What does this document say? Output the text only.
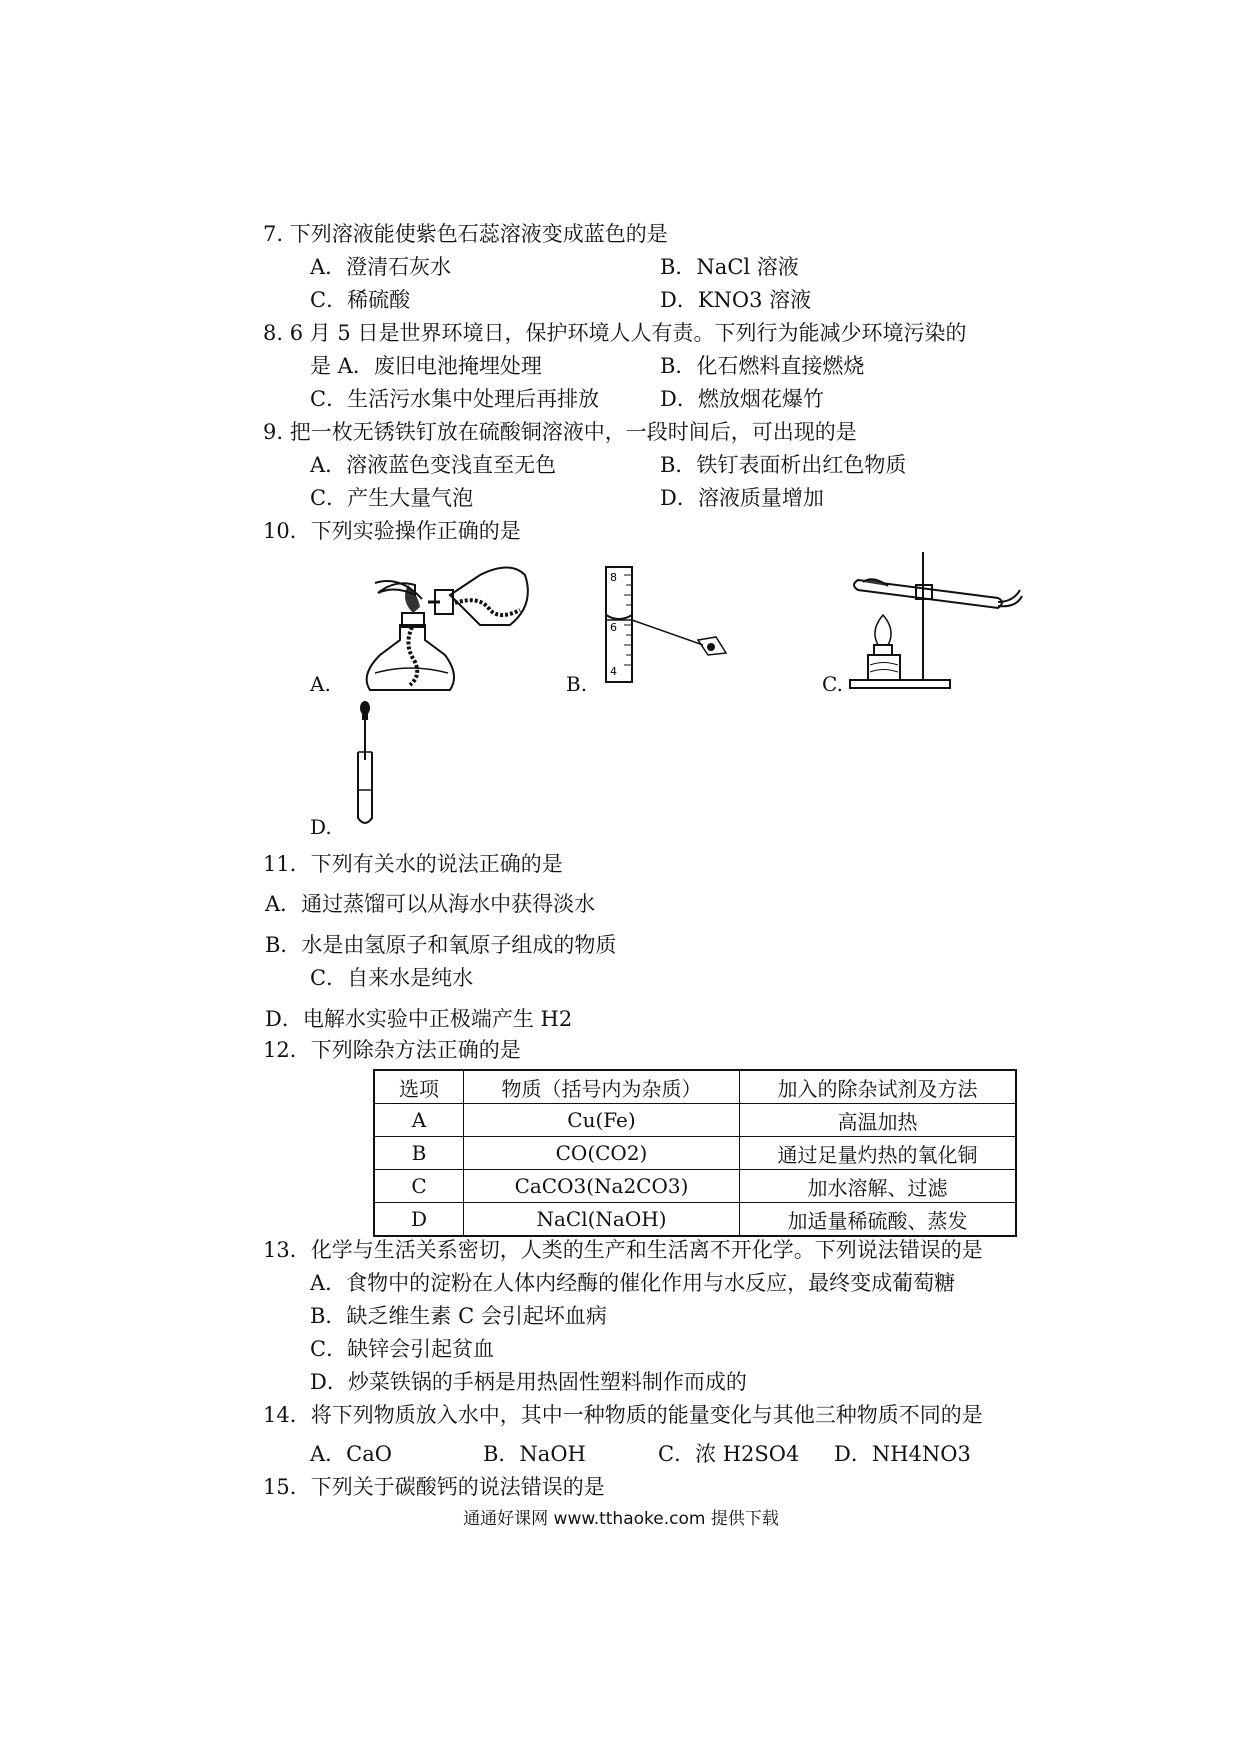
7. 下列溶液能使紫色石蕊溶液变成蓝色的是
A．澄清石灰水	B．NaCl 溶液
C．稀硫酸	D．KNO3 溶液
8. 6 月 5 日是世界环境日，保护环境人人有责。下列行为能减少环境污染的
是 A．废旧电池掩埋处理	B．化石燃料直接燃烧
C．生活污水集中处理后再排放	D．燃放烟花爆竹
9. 把一枚无锈铁钉放在硫酸铜溶液中，一段时间后，可出现的是
A．溶液蓝色变浅直至无色	B．铁钉表面析出红色物质
C．产生大量气泡	D．溶液质量增加
10．下列实验操作正确的是
A.
8
6
4
B.	C.
D.
11．下列有关水的说法正确的是
A．通过蒸馏可以从海水中获得淡水
B．水是由氢原子和氧原子组成的物质
C．自来水是纯水
D．电解水实验中正极端产生 H2
12．下列除杂方法正确的是
选项	物质（括号内为杂质）	加入的除杂试剂及方法
A	Cu(Fe)	高温加热
B	CO(CO2)	通过足量灼热的氧化铜
C	CaCO3(Na2CO3)	加水溶解、过滤
D	NaCl(NaOH)	加适量稀硫酸、蒸发
13．化学与生活关系密切，人类的生产和生活离不开化学。下列说法错误的是
A．食物中的淀粉在人体内经酶的催化作用与水反应，最终变成葡萄糖
B．缺乏维生素 C 会引起坏血病
C．缺锌会引起贫血
D．炒菜铁锅的手柄是用热固性塑料制作而成的
14．将下列物质放入水中，其中一种物质的能量变化与其他三种物质不同的是
A．CaO	B．NaOH	C．浓 H2SO4 D．NH4NO3
15．下列关于碳酸钙的说法错误的是
通通好课网 www.tthaoke.com 提供下载
